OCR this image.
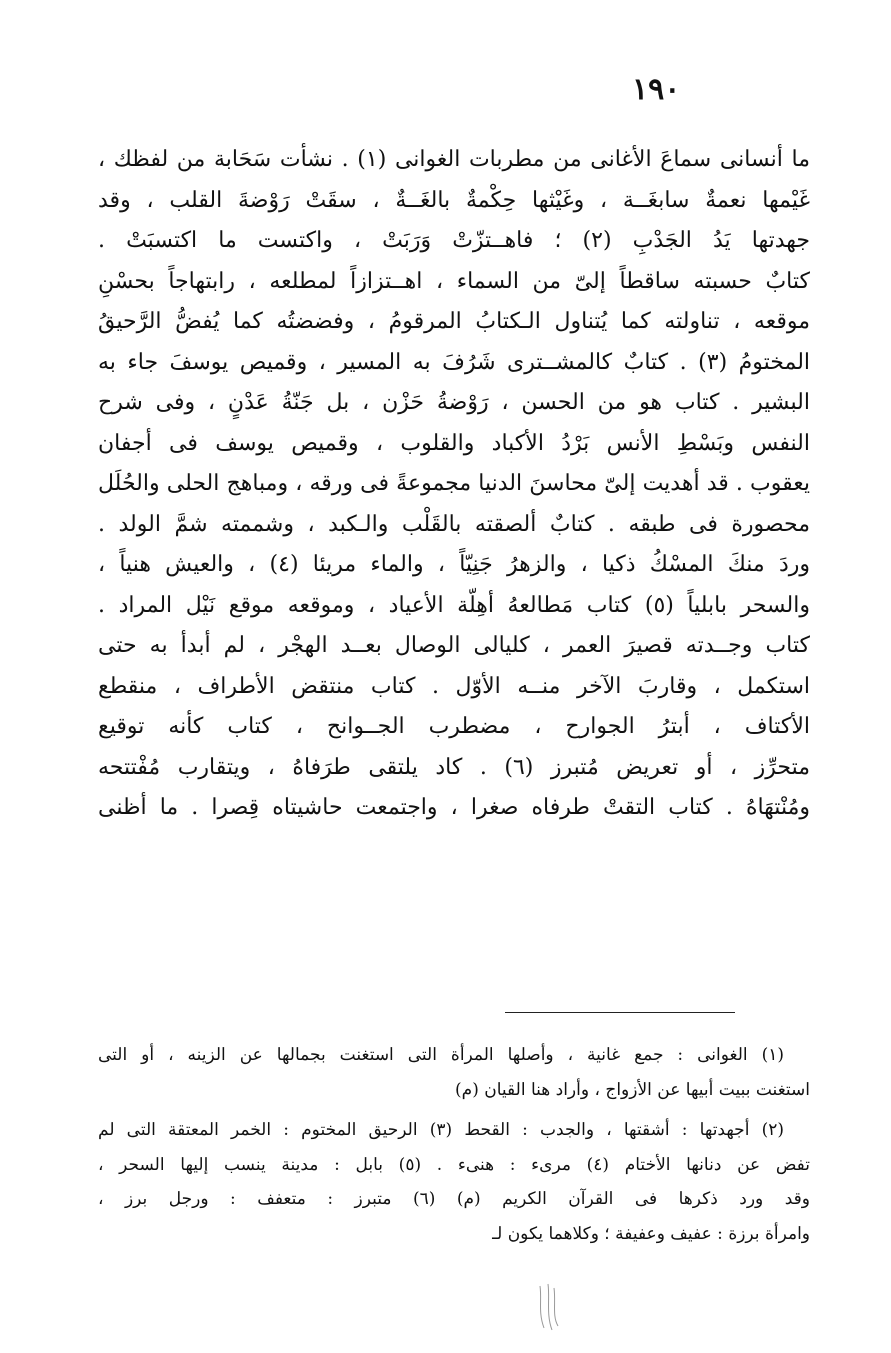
١٩٠
ما أنسانى سماعَ الأغانى من مطربات الغوانى (١) . نشأت سَحَابة من لفظك ،
غَيْمها نعمةٌ سابغَــة ، وغَيْثها حِكْمةٌ بالغَــةٌ ، سقَتْ رَوْضةَ القلب ، وقد
جهدتها يَدُ الجَدْبِ (٢) ؛ فاهــتزّتْ وَرَبَتْ ، واكتست ما اكتسبَتْ .
كتابٌ حسبته ساقطاً إلىّ من السماء ، اهــتزازاً لمطلعه ، رابتهاجاً بحسْنِ
موقعه ، تناولته كما يُتناول الـكتابُ المرقومُ ، وفضضتُه كما يُفضُّ الرَّحيقُ
المختومُ (٣) . كتابٌ كالمشــترى شَرُفَ به المسير ، وقميص يوسفَ جاء به
البشير . كتاب هو من الحسن ، رَوْضةُ حَزْن ، بل جَنّةُ عَدْنٍ ، وفى شرح
النفس وبَسْطِ الأنس بَرْدُ الأكباد والقلوب ، وقميص يوسف فى أجفان
يعقوب . قد أهديت إلىّ محاسنَ الدنيا مجموعةً فى ورقه ، ومباهج الحلى والحُلَل
محصورة فى طبقه . كتابٌ ألصقته بالقَلْب والـكبد ، وشممته شمَّ الولد .
وردَ منكَ المسْكُ ذكيا ، والزهرُ جَنِيّاً ، والماء مريئا (٤) ، والعيش هنياً ،
والسحر بابلياً (٥) كتاب مَطالعهُ أهِلّة الأعياد ، وموقعه موقع نَيْل المراد .
كتاب وجــدته قصيرَ العمر ، كليالى الوصال بعــد الهجْر ، لم أبدأ به حتى
استكمل ، وقاربَ الآخر منــه الأوّل . كتاب منتقض الأطراف ، منقطع
الأكتاف ، أبترُ الجوارح ، مضطرب الجــوانح ، كتاب كأنه توقيع
متحرِّز ، أو تعريض مُتبرز (٦) . كاد يلتقى طرَفاهُ ، ويتقارب مُفْتتحه
ومُنْتهَاهُ . كتاب التقتْ طرفاه صغرا ، واجتمعت حاشيتاه قِصرا . ما أظنى
(١) الغوانى : جمع غانية ، وأصلها المرأة التى استغنت بجمالها عن الزينه ، أو التى
استغنت ببيت أبيها عن الأزواج ، وأراد هنا القيان (م)
(٢) أجهدتها : أشقتها ، والجدب : القحط (٣) الرحيق المختوم : الخمر المعتقة التى لم
تفض عن دنانها الأختام (٤) مرىء : هنىء . (٥) بابل : مدينة ينسب إليها السحر ،
وقد ورد ذكرها فى القرآن الكريم (م) (٦) متبرز : متعفف : ورجل برز ،
وامرأة برزة : عفيف وعفيفة ؛ وكلاهما يكون لـ
